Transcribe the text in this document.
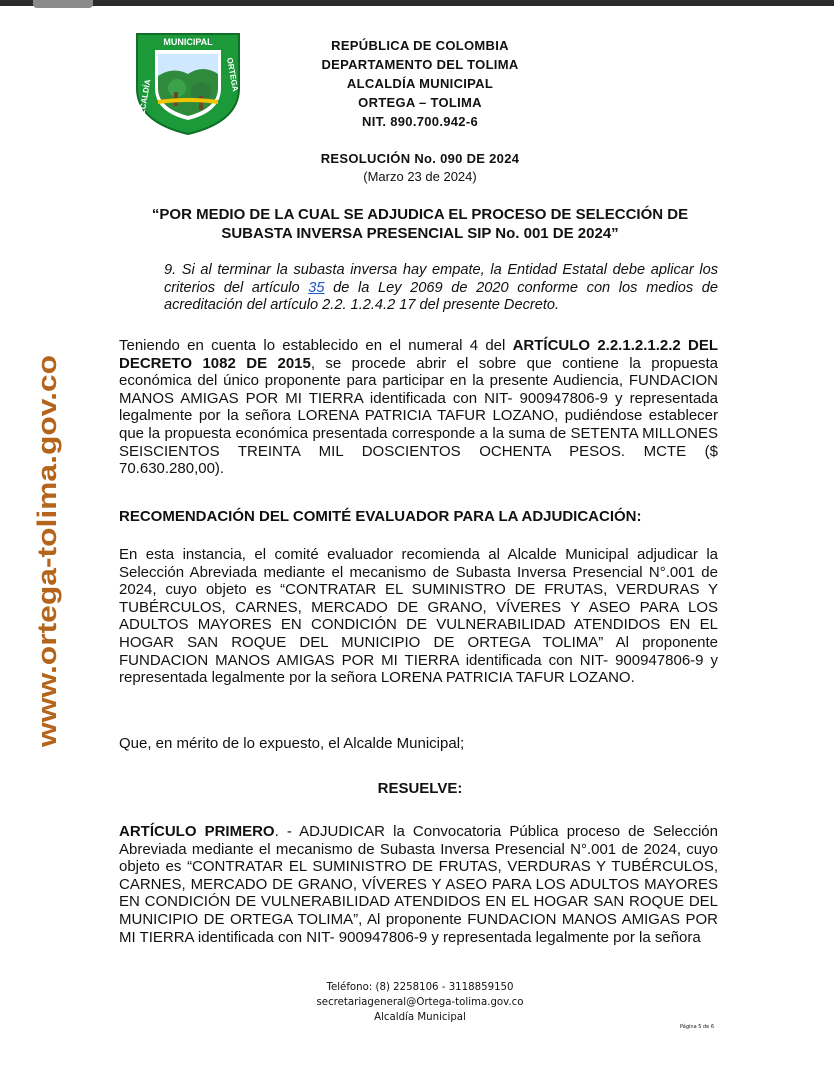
MUNICIPAL
ALCALDÍA
ORTEGA
REPÚBLICA DE COLOMBIA
DEPARTAMENTO DEL TOLIMA
ALCALDÍA MUNICIPAL
ORTEGA – TOLIMA
NIT. 890.700.942-6
RESOLUCIÓN No. 090 DE 2024
(Marzo 23 de 2024)
“POR MEDIO DE LA CUAL SE ADJUDICA EL PROCESO DE SELECCIÓN DE
SUBASTA INVERSA PRESENCIAL SIP No. 001 DE 2024”
www.ortega-tolima.gov.co
9. Si al terminar la subasta inversa hay empate, la Entidad Estatal debe aplicar los criterios del artículo 35 de la Ley 2069 de 2020 conforme con los medios de acreditación del artículo 2.2. 1.2.4.2 17 del presente Decreto.
Teniendo en cuenta lo establecido en el numeral 4 del ARTÍCULO 2.2.1.2.1.2.2 DEL DECRETO 1082 DE 2015, se procede abrir el sobre que contiene la propuesta económica del único proponente para participar en la presente Audiencia, FUNDACION MANOS AMIGAS POR MI TIERRA identificada con NIT- 900947806-9 y representada legalmente por la señora LORENA PATRICIA TAFUR LOZANO, pudiéndose establecer que la propuesta económica presentada corresponde a la suma de SETENTA MILLONES SEISCIENTOS TREINTA MIL DOSCIENTOS OCHENTA PESOS. MCTE ($ 70.630.280,00).
RECOMENDACIÓN DEL COMITÉ EVALUADOR PARA LA ADJUDICACIÓN:
En esta instancia, el comité evaluador recomienda al Alcalde Municipal adjudicar la Selección Abreviada mediante el mecanismo de Subasta Inversa Presencial N°.001 de 2024, cuyo objeto es “CONTRATAR EL SUMINISTRO DE FRUTAS, VERDURAS Y TUBÉRCULOS, CARNES, MERCADO DE GRANO, VÍVERES Y ASEO PARA LOS ADULTOS MAYORES EN CONDICIÓN DE VULNERABILIDAD ATENDIDOS EN EL HOGAR SAN ROQUE DEL MUNICIPIO DE ORTEGA TOLIMA” Al proponente FUNDACION MANOS AMIGAS POR MI TIERRA identificada con NIT- 900947806-9 y representada legalmente por la señora LORENA PATRICIA TAFUR LOZANO.
Que, en mérito de lo expuesto, el Alcalde Municipal;
RESUELVE:
ARTÍCULO PRIMERO. - ADJUDICAR la Convocatoria Pública proceso de Selección Abreviada mediante el mecanismo de Subasta Inversa Presencial N°.001 de 2024, cuyo objeto es “CONTRATAR EL SUMINISTRO DE FRUTAS, VERDURAS Y TUBÉRCULOS, CARNES, MERCADO DE GRANO, VÍVERES Y ASEO PARA LOS ADULTOS MAYORES EN CONDICIÓN DE VULNERABILIDAD ATENDIDOS EN EL HOGAR SAN ROQUE DEL MUNICIPIO DE ORTEGA TOLIMA”, Al proponente FUNDACION MANOS AMIGAS POR MI TIERRA identificada con NIT- 900947806-9 y representada legalmente por la señora
Teléfono: (8) 2258106 - 3118859150
secretariageneral@Ortega-tolima.gov.co
Alcaldía Municipal
Página 5 de 6
